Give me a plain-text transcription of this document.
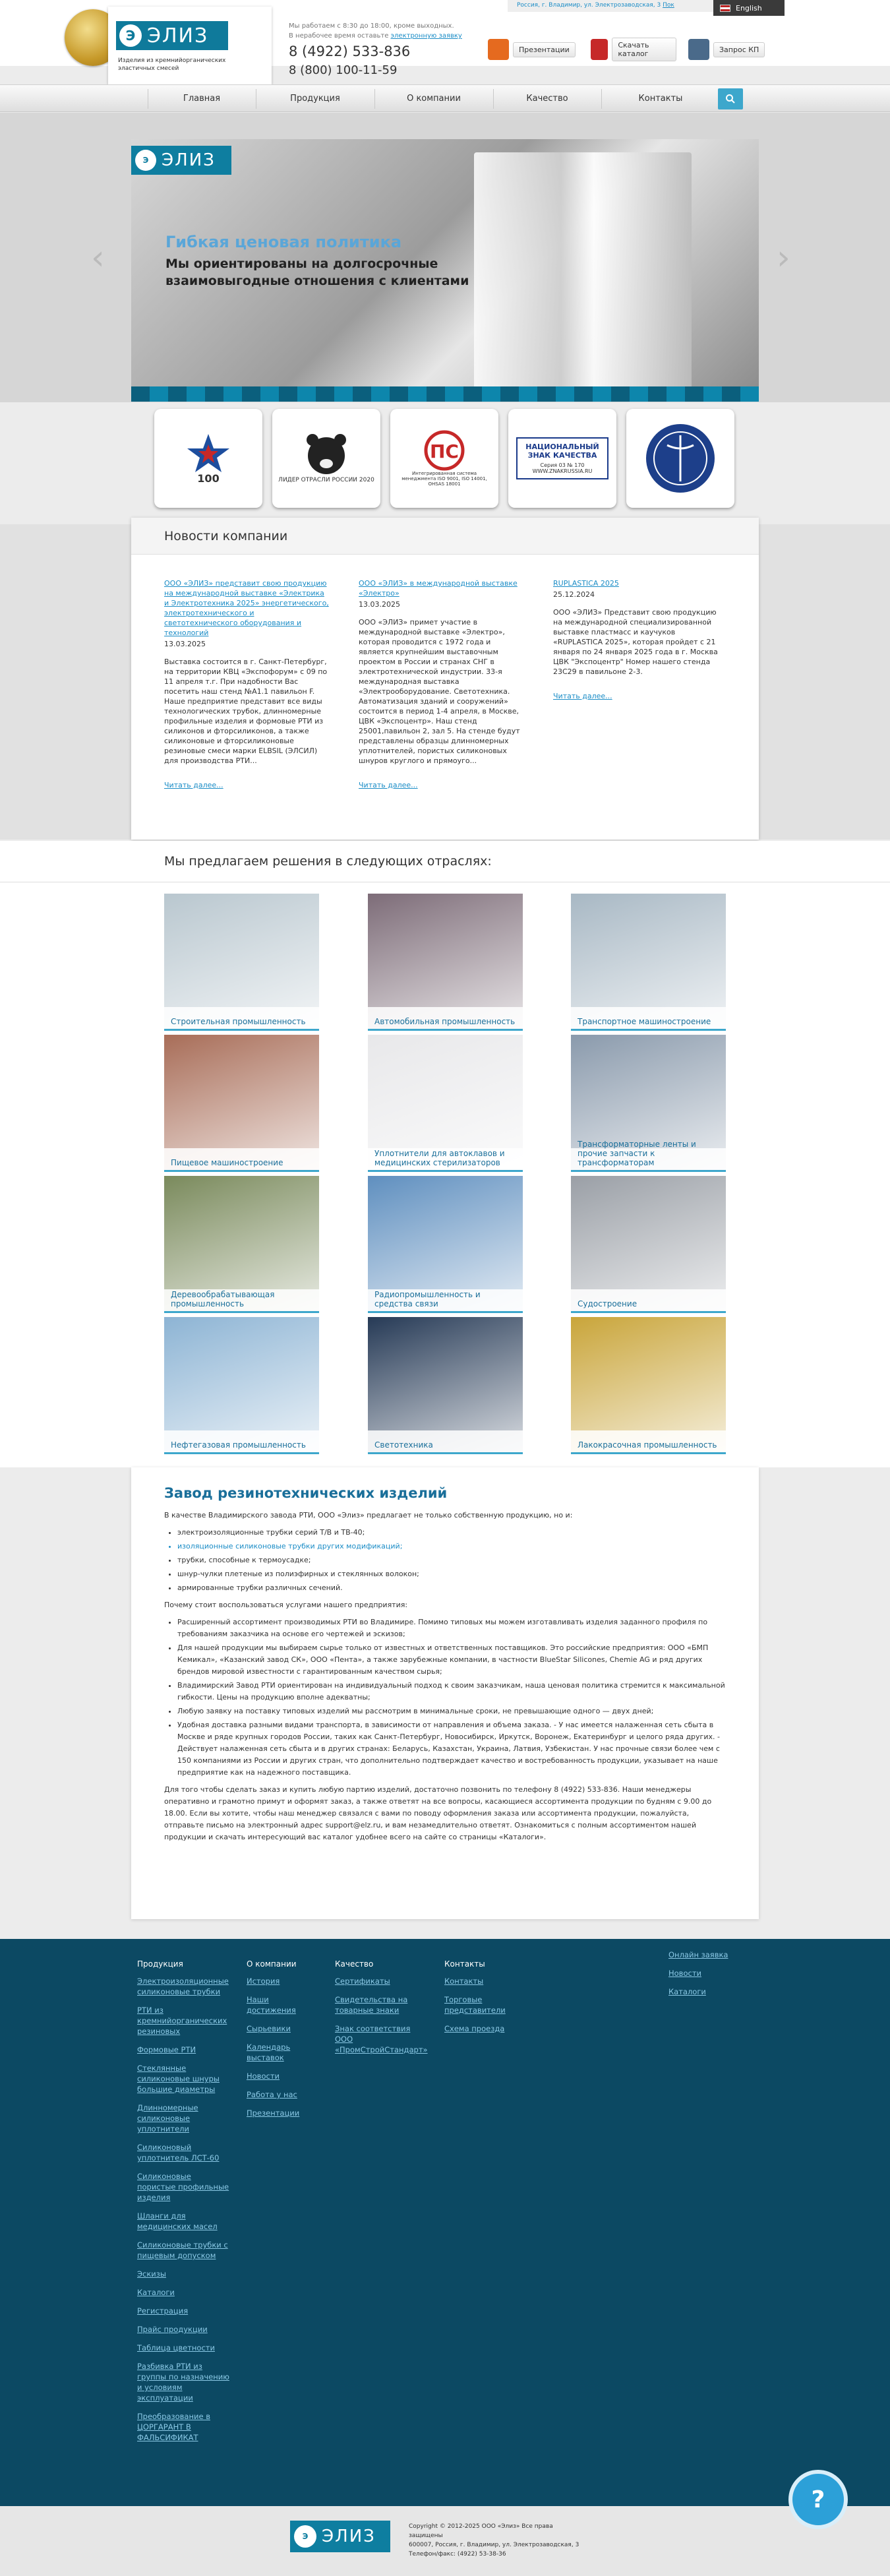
Э ЭЛИЗ
Изделия из кремнийорганических эластичных смесей
Мы работаем с 8:30 до 18:00, кроме выходных.
В нерабочее время оставьте электронную заявку
8 (4922) 533-836
8 (800) 100-11-59
Россия, г. Владимир, ул. Электрозаводская, 3 Пок	English
Презентации	Скачать каталог	Запрос КП
Главная	Продукция	О компании	Качество	Контакты
Э ЭЛИЗ
Гибкая ценовая политика
Мы ориентированы на долгосрочные
взаимовыгодные отношения с клиентами
‹	›
100	ЛИДЕР ОТРАСЛИ РОССИИ 2020
ПС
Интегрированная система менеджмента ISO 9001, ISO 14001, OHSAS 18001
НАЦИОНАЛЬНЫЙ ЗНАК КАЧЕСТВА
Серия 03 № 170 WWW.ZNAKRUSSIA.RU
Новости компании
ООО «ЭЛИЗ» представит свою продукцию на международной выставке «Электрика и Электротехника 2025» энергетического, электротехнического и светотехнического оборудования и технологий
13.03.2025
Выставка состоится в г. Санкт-Петербург, на территории КВЦ «Экспофорум» с 09 по 11 апреля т.г. При надобности Вас посетить наш стенд №А1.1 павильон F. Наше предприятие представит все виды технологических трубок, длинномерные профильные изделия и формовые РТИ из силиконов и фторсиликонов, а также силиконовые и фторсиликоновые резиновые смеси марки ELBSIL (ЭЛСИЛ) для производства РТИ...
Читать далее...
ООО «ЭЛИЗ» в международной выставке «Электро»
13.03.2025
ООО «ЭЛИЗ» примет участие в международной выставке «Электро», которая проводится с 1972 года и является крупнейшим выставочным проектом в России и странах СНГ в электротехнической индустрии. 33-я международная выставка «Электрооборудование. Светотехника. Автоматизация зданий и сооружений» состоится в период 1-4 апреля, в Москве, ЦВК «Экспоцентр». Наш стенд 25001,павильон 2, зал 5. На стенде будут представлены образцы длинномерных уплотнителей, пористых силиконовых шнуров круглого и прямоуго...
Читать далее...
RUPLASTICA 2025
25.12.2024
ООО «ЭЛИЗ» Представит свою продукцию на международной специализированной выставке пластмасс и каучуков «RUPLASTICA 2025», которая пройдет с 21 января по 24 января 2025 года в г. Москва ЦВК "Экспоцентр" Номер нашего стенда 23C29 в павильоне 2-3.
Читать далее...
Мы предлагаем решения в следующих отраслях:
Строительная промышленность	Автомобильная промышленность	Транспортное машиностроение
Пищевое машиностроение
Уплотнители для автоклавов и медицинских стерилизаторов
Трансформаторные ленты и прочие запчасти к трансформаторам
Деревообрабатывающая промышленность
Радиопромышленность и средства связи	Судостроение
Нефтегазовая промышленность	Светотехника	Лакокрасочная промышленность
Завод резинотехнических изделий

В качестве Владимирского завода РТИ, ООО «Элиз» предлагает не только собственную продукцию, но и:

• электроизоляционные трубки серий Т/В и ТВ-40;
• изоляционные силиконовые трубки других модификаций;
• трубки, способные к термоусадке;
• шнур-чулки плетеные из полиэфирных и стеклянных волокон;
• армированные трубки различных сечений.

Почему стоит воспользоваться услугами нашего предприятия:

• Расширенный ассортимент производимых РТИ во Владимире. Помимо типовых мы можем изготавливать изделия заданного профиля по требованиям заказчика на основе его чертежей и эскизов;
• Для нашей продукции мы выбираем сырье только от известных и ответственных поставщиков. Это российские предприятия: ООО «БМП Кемикал», «Казанский завод СК», ООО «Пента», а также зарубежные компании, в частности BlueStar Silicones, Chemie AG и ряд других брендов мировой известности с гарантированным качеством сырья;
• Владимирский Завод РТИ ориентирован на индивидуальный подход к своим заказчикам, наша ценовая политика стремится к максимальной гибкости. Цены на продукцию вполне адекватны;
• Любую заявку на поставку типовых изделий мы рассмотрим в минимальные сроки, не превышающие одного — двух дней;
• Удобная доставка разными видами транспорта, в зависимости от направления и объема заказа. - У нас имеется налаженная сеть сбыта в Москве и ряде крупных городов России, таких как Санкт-Петербург, Новосибирск, Иркутск, Воронеж, Екатеринбург и целого ряда других. - Действует налаженная сеть сбыта и в других странах: Беларусь, Казахстан, Украина, Латвия, Узбекистан. У нас прочные связи более чем с 150 компаниями из России и других стран, что дополнительно подтверждает качество и востребованность продукции, указывает на наше предприятие как на надежного поставщика.

Для того чтобы сделать заказ и купить любую партию изделий, достаточно позвонить по телефону 8 (4922) 533-836. Наши менеджеры оперативно и грамотно примут и оформят заказ, а также ответят на все вопросы, касающиеся ассортимента продукции по будням с 9.00 до 18.00. Если вы хотите, чтобы наш менеджер связался с вами по поводу оформления заказа или ассортимента продукции, пожалуйста, отправьте письмо на электронный адрес support@elz.ru, и вам незамедлительно ответят. Ознакомиться с полным ассортиментом нашей продукции и скачать интересующий вас каталог удобнее всего на сайте со страницы «Каталоги».

Продукция
Электроизоляционные силиконовые трубки
РТИ из кремнийорганических резиновых
Формовые РТИ
Стеклянные силиконовые шнуры большие диаметры
Длинномерные силиконовые уплотнители
Силиконовый уплотнитель ЛСТ-60
Силиконовые пористые профильные изделия
Шланги для медицинских масел
Силиконовые трубки с пищевым допуском
Эскизы
Каталоги
Регистрация
Прайс продукции
Таблица цветности
Разбивка РТИ из группы по назначению и условиям эксплуатации
Преобразование в ЦОРГАРАНТ В ФАЛЬСИФИКАТ
О компании
История
Наши достижения
Сырьевики
Календарь выставок
Новости
Работа у нас
Презентации
Качество
Сертификаты
Свидетельства на товарные знаки
Знак соответствия ООО «ПромСтройСтандарт»
Контакты
Контакты
Торговые представители
Схема проезда
Онлайн заявка
Новости
Каталоги
Э ЭЛИЗ	Copyright © 2012-2025 ООО «Элиз» Все права защищены
600007, Россия, г. Владимир, ул. Электрозаводская, 3
Телефон/факс: (4922) 53-38-36
?
